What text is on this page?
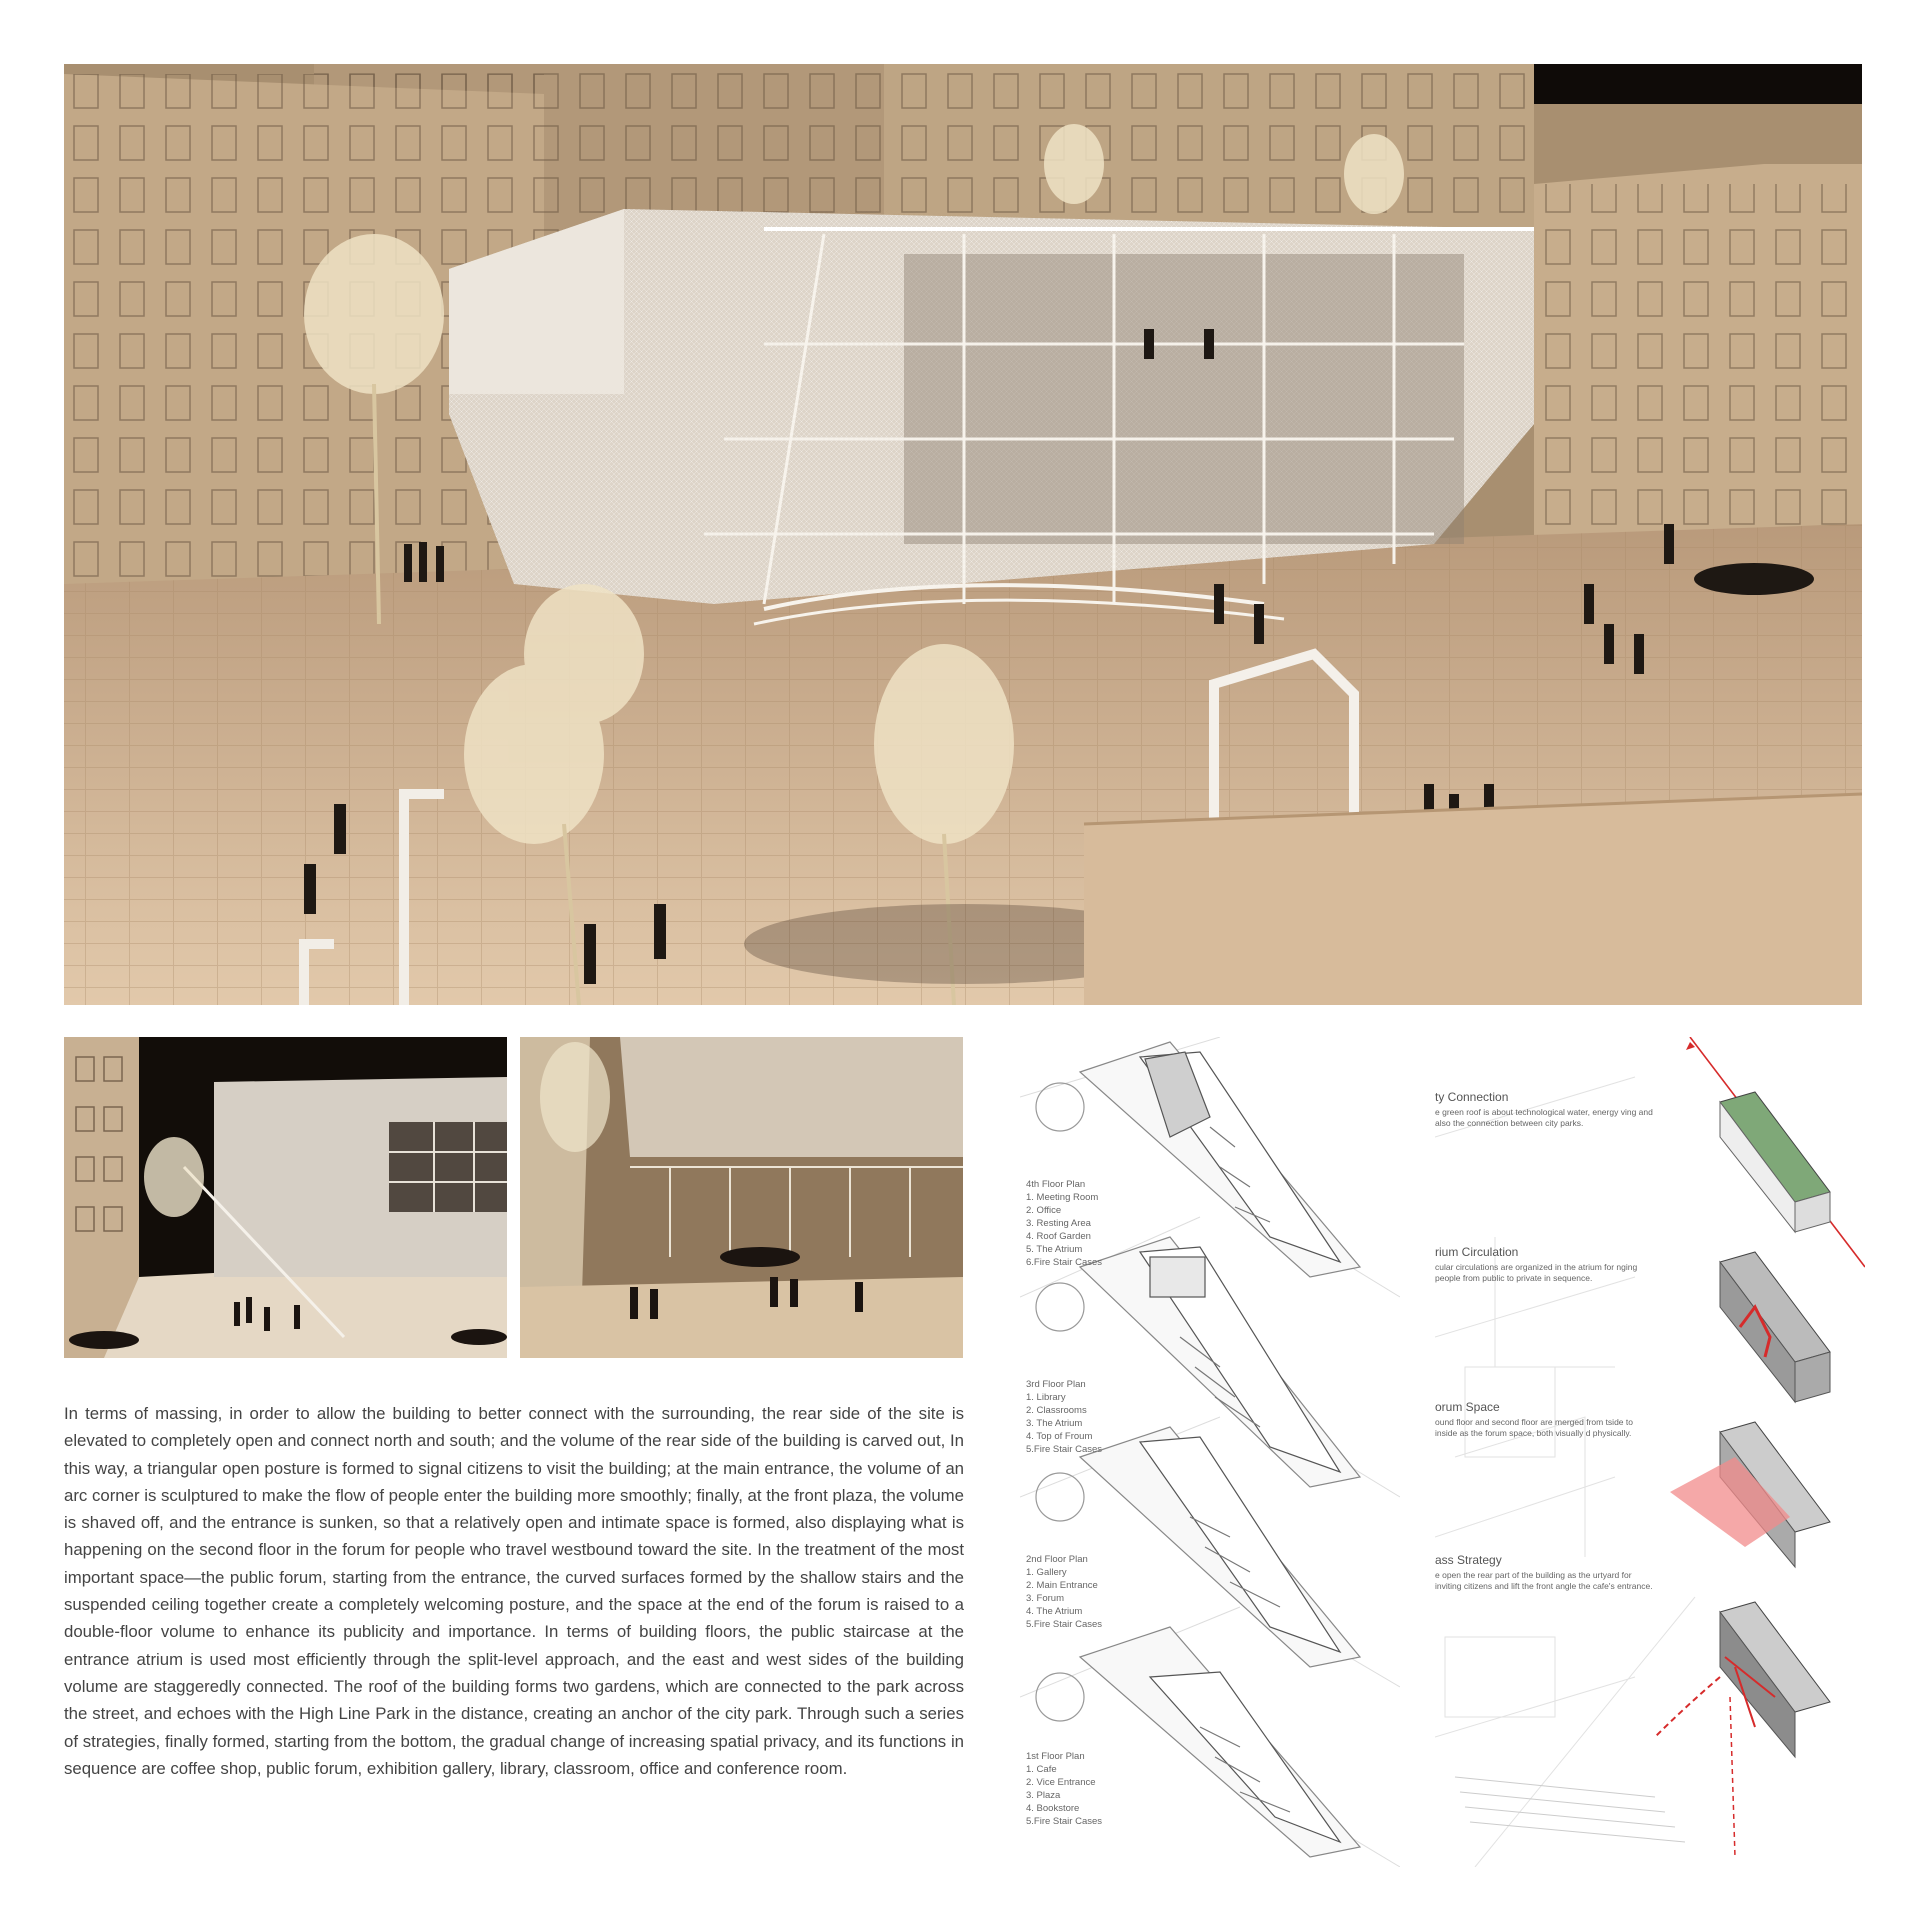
In terms of massing, in order to allow the building to better connect with the surrounding, the rear side of the site is elevated to completely open and connect north and south; and the volume of the rear side of the building is carved out, In this way, a triangular open posture is formed to signal citizens to visit the building; at the main entrance, the volume of an arc corner is sculptured to make the flow of people enter the building more smoothly; finally, at the front plaza, the volume is shaved off, and the entrance is sunken, so that a relatively open and intimate space is formed, also displaying what is happening on the second floor in the forum for people who travel westbound toward the site. In the treatment of the most important space—the public forum, starting from the entrance, the curved surfaces formed by the shallow stairs and the suspended ceiling together create a completely welcoming posture, and the space at the end of the forum is raised to a double-floor volume to enhance its publicity and importance. In terms of building floors, the public staircase at the entrance atrium is used most efficiently through the split-level approach, and the east and west sides of the building volume are staggeredly connected. The roof of the building forms two gardens, which are connected to the park across the street, and echoes with the High Line Park in the distance, creating an anchor of the city park. Through such a series of strategies, finally formed, starting from the bottom, the gradual change of increasing spatial privacy, and its functions in sequence are coffee shop, public forum, exhibition gallery, library, classroom, office and conference room.

4th Floor Plan

1. Meeting Room
2. Office
3. Resting Area
4. Roof Garden
5. The Atrium
6.Fire Stair Cases

3rd Floor Plan

1. Library
2. Classrooms
3. The Atrium
4. Top of Froum
5.Fire Stair Cases

2nd Floor Plan

1. Gallery
2. Main Entrance
3. Forum
4. The Atrium
5.Fire Stair Cases

1st Floor Plan

1. Cafe
2. Vice Entrance
3. Plaza
4. Bookstore
5.Fire Stair Cases
ty Connection

e green roof is about technological water, energy ving and also the connection between city parks.

rium Circulation

cular circulations are organized in the atrium for nging people from public to private in sequence.

orum Space

ound floor and second floor are merged from tside to inside as the forum space, both visually d physically.

ass Strategy

e open the rear part of the building as the urtyard for inviting citizens and lift the front angle the cafe's entrance.
